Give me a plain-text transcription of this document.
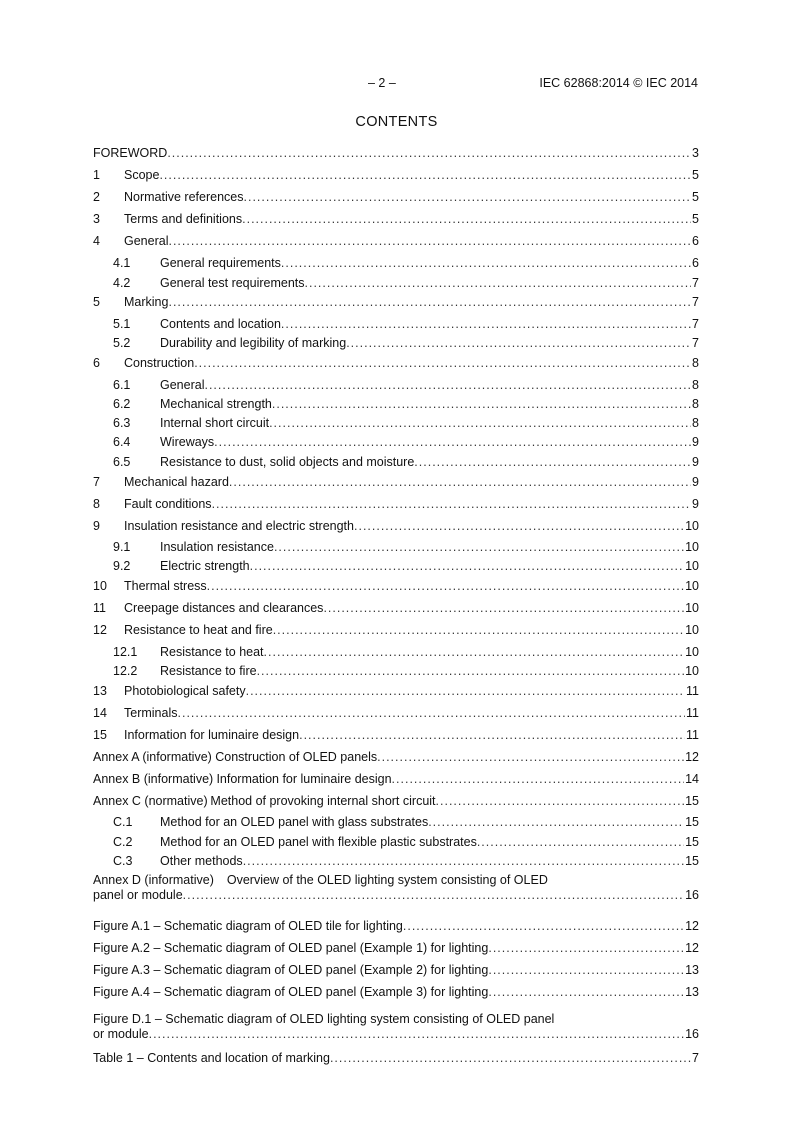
– 2 –	IEC 62868:2014 © IEC 2014
CONTENTS
FOREWORD .....	3
1	Scope .....	5
2	Normative references .....	5
3	Terms and definitions .....	5
4	General .....	6
4.1	General requirements .....	6
4.2	General test requirements .....	7
5	Marking .....	7
5.1	Contents and location .....	7
5.2	Durability and legibility of marking .....	7
6	Construction .....	8
6.1	General .....	8
6.2	Mechanical strength .....	8
6.3	Internal short circuit .....	8
6.4	Wireways .....	9
6.5	Resistance to dust, solid objects and moisture .....	9
7	Mechanical hazard .....	9
8	Fault conditions .....	9
9	Insulation resistance and electric strength .....	10
9.1	Insulation resistance .....	10
9.2	Electric strength .....	10
10	Thermal stress .....	10
11	Creepage distances and clearances .....	10
12	Resistance to heat and fire .....	10
12.1	Resistance to heat .....	10
12.2	Resistance to fire .....	10
13	Photobiological safety .....	11
14	Terminals .....	11
15	Information for luminaire design .....	11
Annex A (informative) Construction of OLED panels .....	12
Annex B (informative) Information for luminaire design .....	14
Annex C (normative) Method of provoking internal short circuit .....	15
C.1	Method for an OLED panel with glass substrates .....	15
C.2	Method for an OLED panel with flexible plastic substrates .....	15
C.3	Other methods .....	15
Annex D (informative) Overview of the OLED lighting system consisting of OLED
panel or module .....	16
Figure A.1 – Schematic diagram of OLED tile for lighting .....	12
Figure A.2 – Schematic diagram of OLED panel (Example 1) for lighting .....	12
Figure A.3 – Schematic diagram of OLED panel (Example 2) for lighting .....	13
Figure A.4 – Schematic diagram of OLED panel (Example 3) for lighting .....	13
Figure D.1 – Schematic diagram of OLED lighting system consisting of OLED panel
or module .....	16
Table 1 – Contents and location of marking .....	7
